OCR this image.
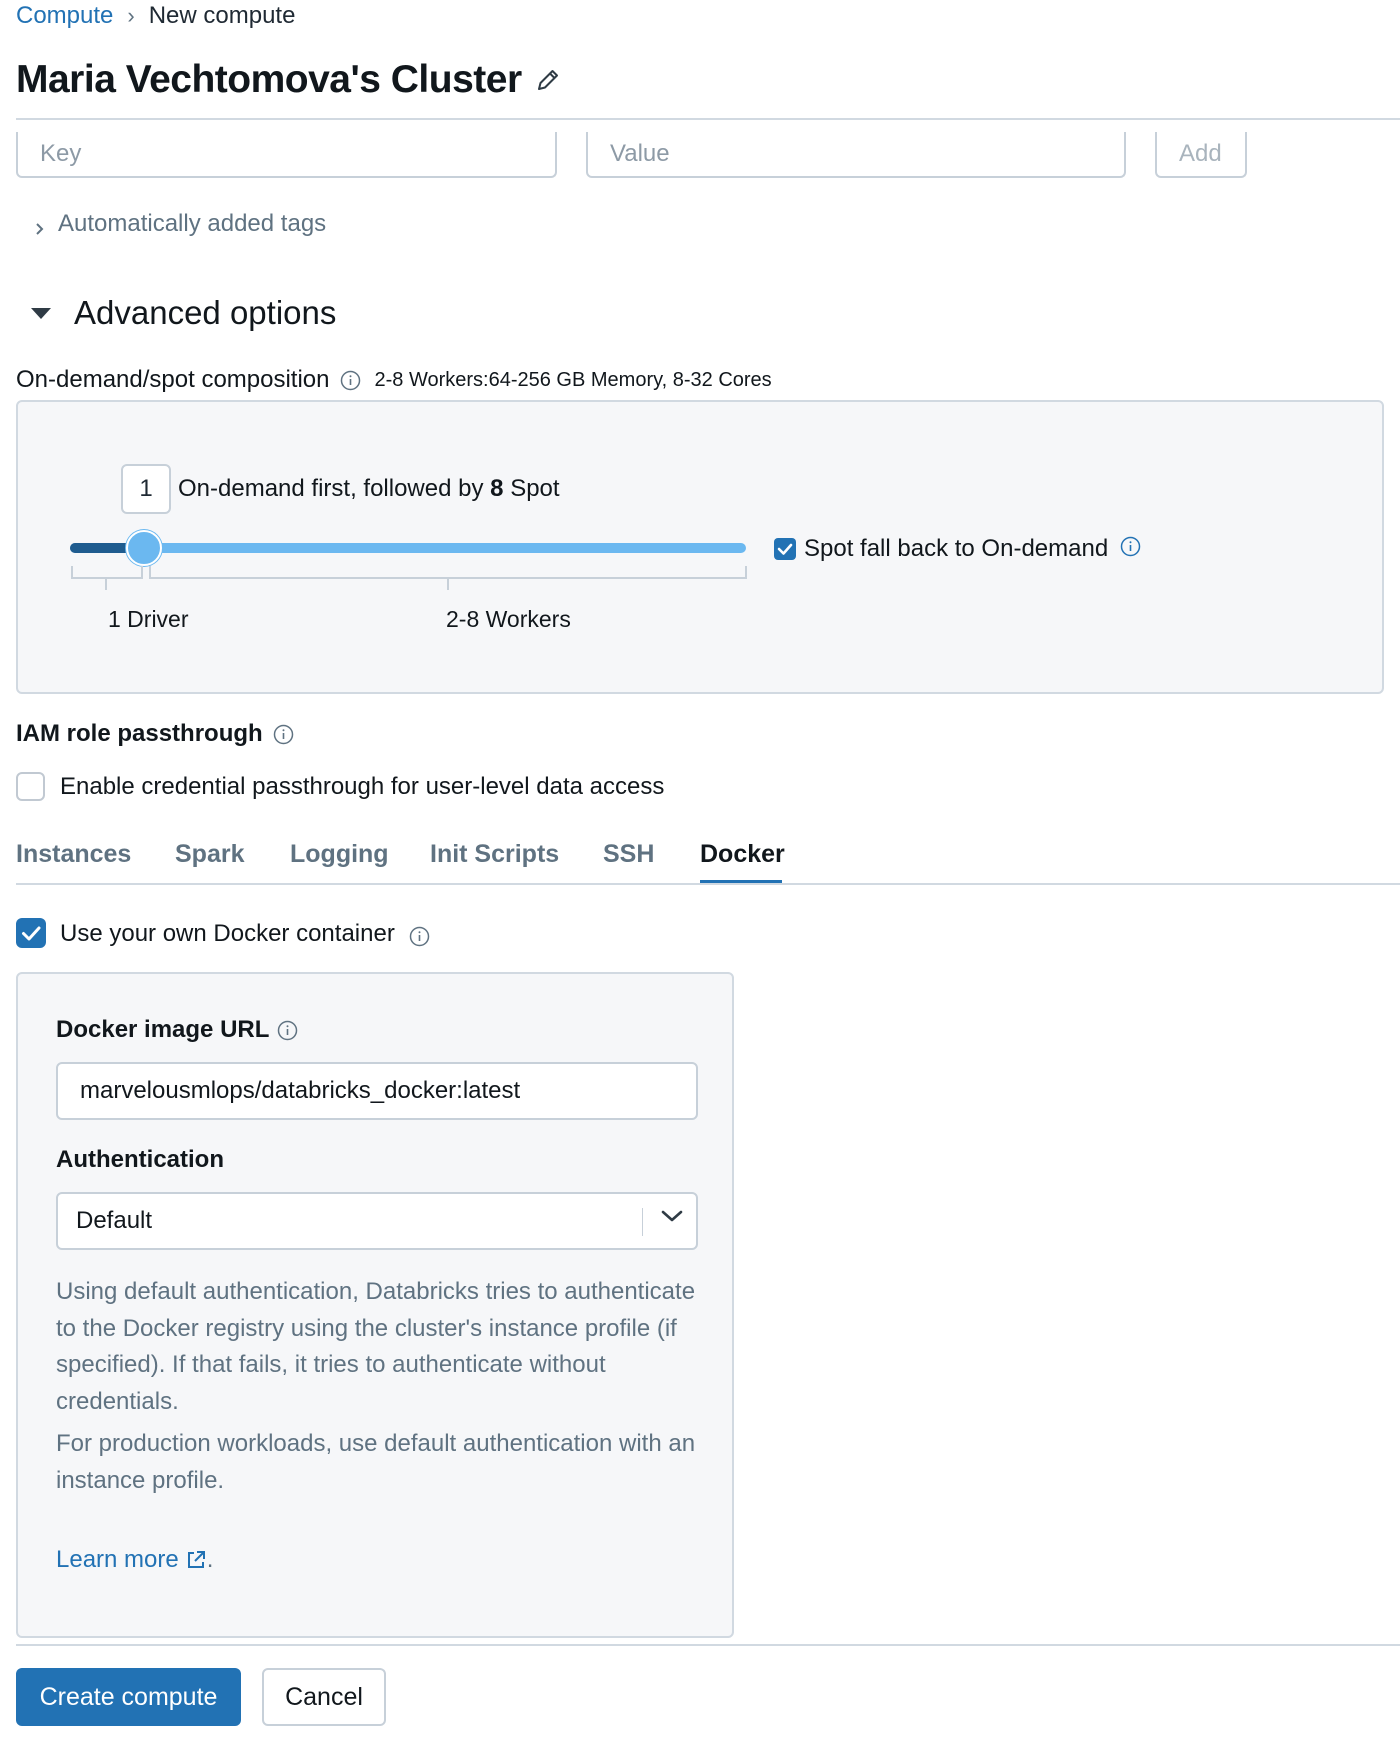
Compute › New compute
Maria Vechtomova's Cluster
Key	Value	Add
Automatically added tags
Advanced options
On-demand/spot composition 2-8 Workers:64-256 GB Memory, 8-32 Cores
1 On-demand first, followed by 8 Spot
1 Driver	2-8 Workers
Spot fall back to On-demand
IAM role passthrough
Enable credential passthrough for user-level data access
Instances Spark Logging Init Scripts SSH Docker
Use your own Docker container
Docker image URL
marvelousmlops/databricks_docker:latest
Authentication
Default
Using default authentication, Databricks tries to authenticate to the Docker registry using the cluster's instance profile (if specified). If that fails, it tries to authenticate without credentials.
For production workloads, use default authentication with an instance profile.
Learn more .
Create compute	Cancel
